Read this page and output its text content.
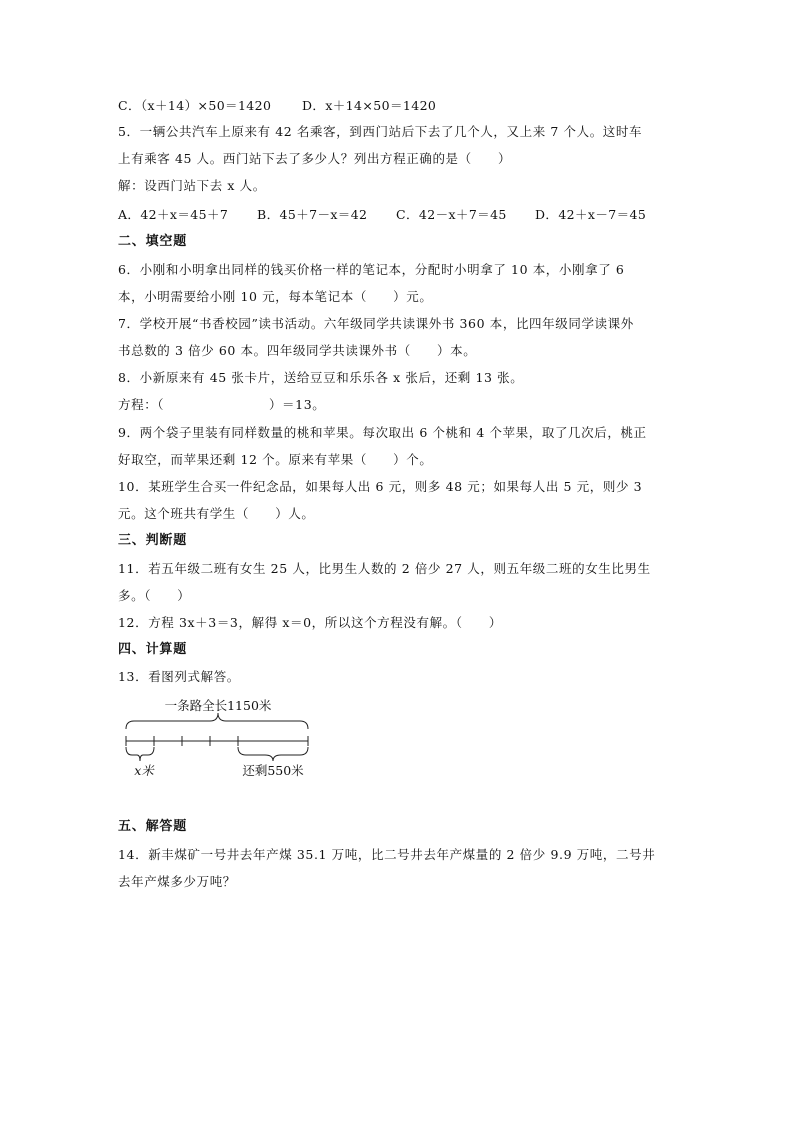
C．（x＋14）×50＝1420 D．x＋14×50＝1420
5．一辆公共汽车上原来有 42 名乘客，到西门站后下去了几个人，又上来 7 个人。这时车
上有乘客 45 人。西门站下去了多少人？列出方程正确的是（　　）
解：设西门站下去 x 人。
A．42＋x＝45＋7 B．45＋7－x＝42 C．42－x＋7＝45 D．42＋x－7＝45
二、填空题
6．小刚和小明拿出同样的钱买价格一样的笔记本，分配时小明拿了 10 本，小刚拿了 6
本，小明需要给小刚 10 元，每本笔记本（　　）元。
7．学校开展“书香校园”读书活动。六年级同学共读课外书 360 本，比四年级同学读课外
书总数的 3 倍少 60 本。四年级同学共读课外书（　　）本。
8．小新原来有 45 张卡片，送给豆豆和乐乐各 x 张后，还剩 13 张。
方程：（　　　　　　　　）＝13。
9．两个袋子里装有同样数量的桃和苹果。每次取出 6 个桃和 4 个苹果，取了几次后，桃正
好取空，而苹果还剩 12 个。原来有苹果（　　）个。
10．某班学生合买一件纪念品，如果每人出 6 元，则多 48 元；如果每人出 5 元，则少 3
元。这个班共有学生（　　）人。
三、判断题
11．若五年级二班有女生 25 人，比男生人数的 2 倍少 27 人，则五年级二班的女生比男生
多。（　　）
12．方程 3x＋3＝3，解得 x＝0，所以这个方程没有解。（　　）
四、计算题
13．看图列式解答。
一条路全长1150米
x米	还剩550米
五、解答题
14．新丰煤矿一号井去年产煤 35.1 万吨，比二号井去年产煤量的 2 倍少 9.9 万吨，二号井
去年产煤多少万吨？
